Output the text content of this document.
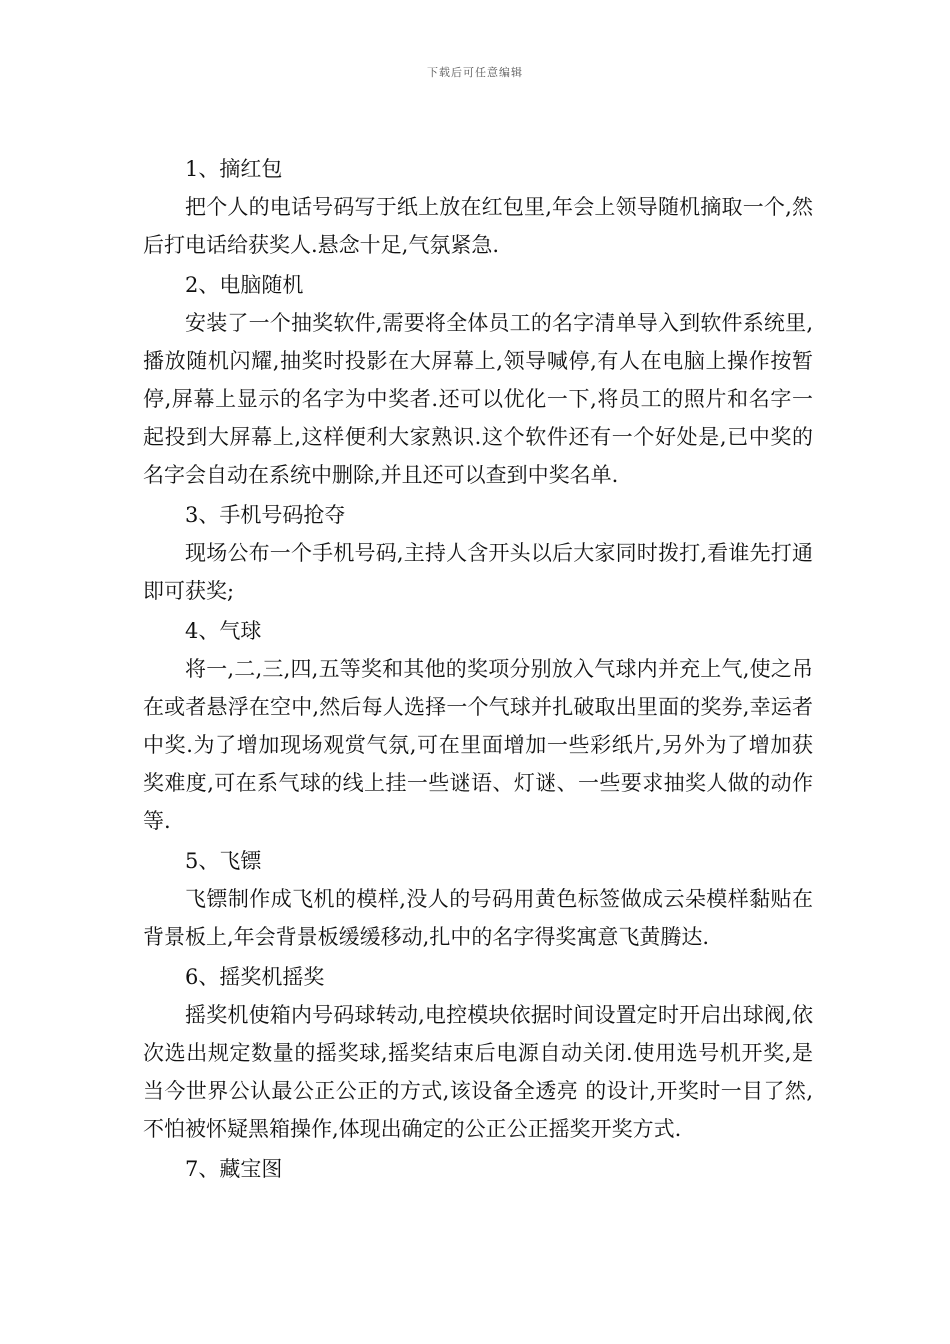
下载后可任意编辑

1、摘红包

把个人的电话号码写于纸上放在红包里,年会上领导随机摘取一个,然后打电话给获奖人.悬念十足,气氛紧急.

2、电脑随机

安装了一个抽奖软件,需要将全体员工的名字清单导入到软件系统里,播放随机闪耀,抽奖时投影在大屏幕上,领导喊停,有人在电脑上操作按暂停,屏幕上显示的名字为中奖者.还可以优化一下,将员工的照片和名字一起投到大屏幕上,这样便利大家熟识.这个软件还有一个好处是,已中奖的名字会自动在系统中删除,并且还可以查到中奖名单.

3、手机号码抢夺

现场公布一个手机号码,主持人含开头以后大家同时拨打,看谁先打通即可获奖;

4、气球

将一,二,三,四,五等奖和其他的奖项分别放入气球内并充上气,使之吊在或者悬浮在空中,然后每人选择一个气球并扎破取出里面的奖券,幸运者中奖.为了增加现场观赏气氛,可在里面增加一些彩纸片,另外为了增加获奖难度,可在系气球的线上挂一些谜语、灯谜、一些要求抽奖人做的动作等.

5、飞镖

飞镖制作成飞机的模样,没人的号码用黄色标签做成云朵模样黏贴在背景板上,年会背景板缓缓移动,扎中的名字得奖寓意飞黄腾达.

6、摇奖机摇奖

摇奖机使箱内号码球转动,电控模块依据时间设置定时开启出球阀,依次选出规定数量的摇奖球,摇奖结束后电源自动关闭.使用选号机开奖,是当今世界公认最公正公正的方式,该设备全透亮 的设计,开奖时一目了然,不怕被怀疑黑箱操作,体现出确定的公正公正摇奖开奖方式.

7、藏宝图
